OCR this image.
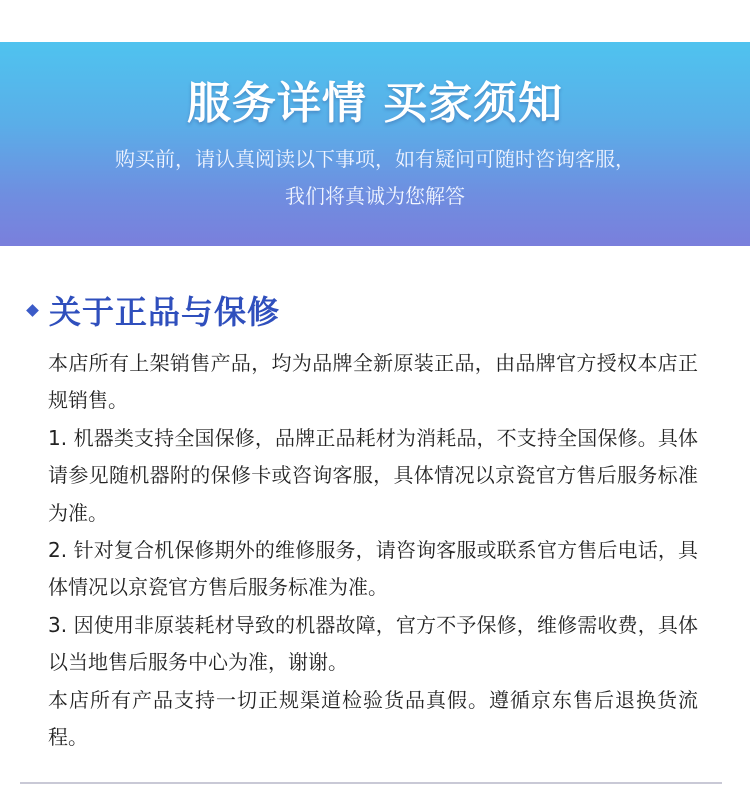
服务详情 买家须知
购买前，请认真阅读以下事项，如有疑问可随时咨询客服，
我们将真诚为您解答
关于正品与保修

本店所有上架销售产品，均为品牌全新原装正品，由品牌官方授权本店正规销售。

1. 机器类支持全国保修，品牌正品耗材为消耗品，不支持全国保修。具体请参见随机器附的保修卡或咨询客服，具体情况以京瓷官方售后服务标准为准。

2. 针对复合机保修期外的维修服务，请咨询客服或联系官方售后电话，具体情况以京瓷官方售后服务标准为准。

3. 因使用非原装耗材导致的机器故障，官方不予保修，维修需收费，具体以当地售后服务中心为准，谢谢。

本店所有产品支持一切正规渠道检验货品真假。遵循京东售后退换货流程。
